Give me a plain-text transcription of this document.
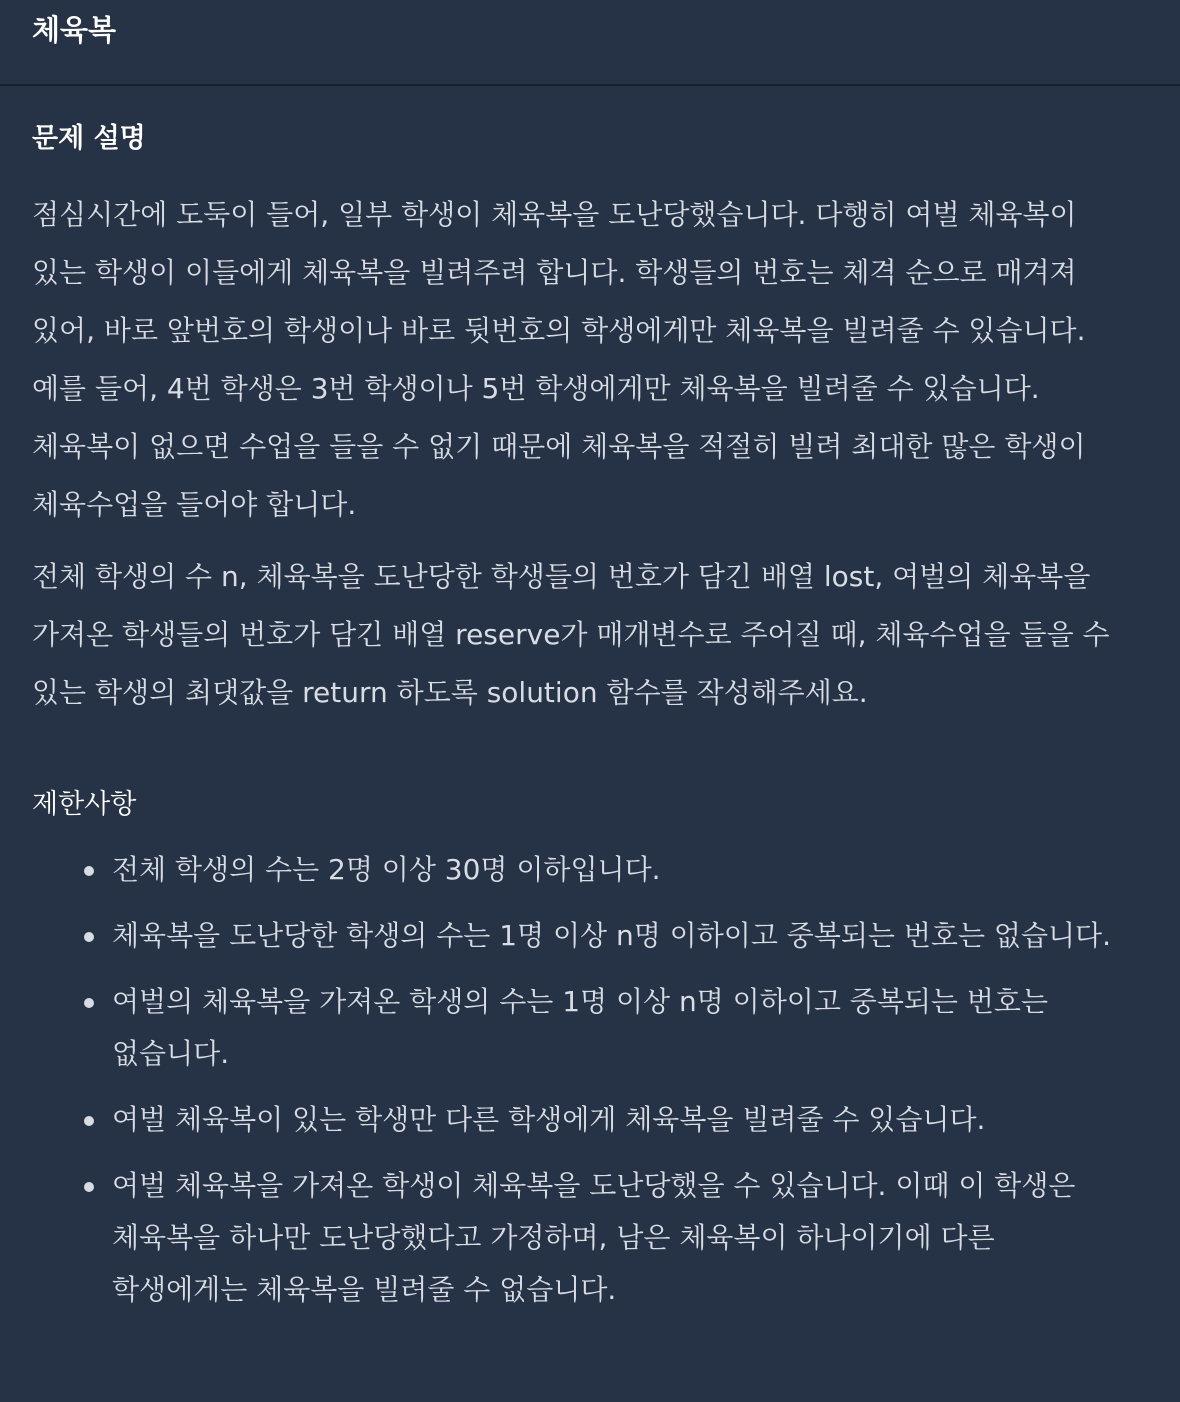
체육복
문제 설명

점심시간에 도둑이 들어, 일부 학생이 체육복을 도난당했습니다. 다행히 여벌 체육복이 있는 학생이 이들에게 체육복을 빌려주려 합니다. 학생들의 번호는 체격 순으로 매겨져 있어, 바로 앞번호의 학생이나 바로 뒷번호의 학생에게만 체육복을 빌려줄 수 있습니다. 예를 들어, 4번 학생은 3번 학생이나 5번 학생에게만 체육복을 빌려줄 수 있습니다. 체육복이 없으면 수업을 들을 수 없기 때문에 체육복을 적절히 빌려 최대한 많은 학생이 체육수업을 들어야 합니다.

전체 학생의 수 n, 체육복을 도난당한 학생들의 번호가 담긴 배열 lost, 여벌의 체육복을 가져온 학생들의 번호가 담긴 배열 reserve가 매개변수로 주어질 때, 체육수업을 들을 수 있는 학생의 최댓값을 return 하도록 solution 함수를 작성해주세요.

제한사항
전체 학생의 수는 2명 이상 30명 이하입니다.
체육복을 도난당한 학생의 수는 1명 이상 n명 이하이고 중복되는 번호는 없습니다.
여벌의 체육복을 가져온 학생의 수는 1명 이상 n명 이하이고 중복되는 번호는 없습니다.
여벌 체육복이 있는 학생만 다른 학생에게 체육복을 빌려줄 수 있습니다.
여벌 체육복을 가져온 학생이 체육복을 도난당했을 수 있습니다. 이때 이 학생은 체육복을 하나만 도난당했다고 가정하며, 남은 체육복이 하나이기에 다른 학생에게는 체육복을 빌려줄 수 없습니다.
